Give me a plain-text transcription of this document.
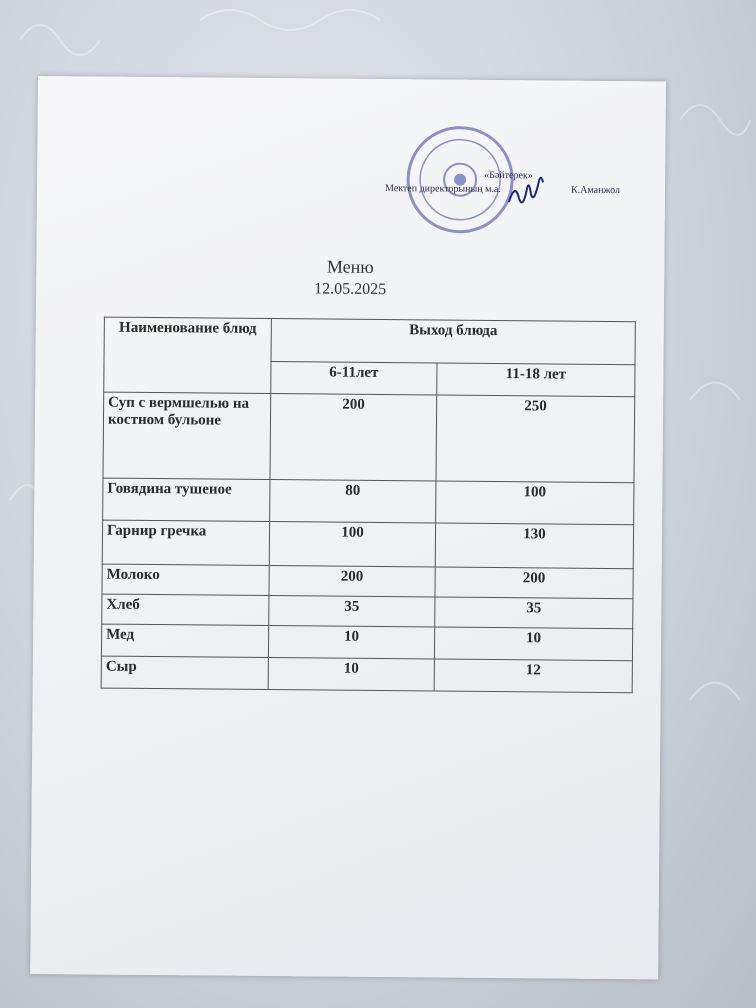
«Бәйтерек»
Мектеп директорының м.а.	К.Аманжол
Меню
12.05.2025
Наименование блюд	Выход блюда	
	6-11лет	11-18 лет
Суп с вермшелью на костном бульоне	200	250
Говядина тушеное	80	100
Гарнир гречка	100	130
Молоко	200	200
Хлеб	35	35
Мед	10	10
Сыр	10	12
